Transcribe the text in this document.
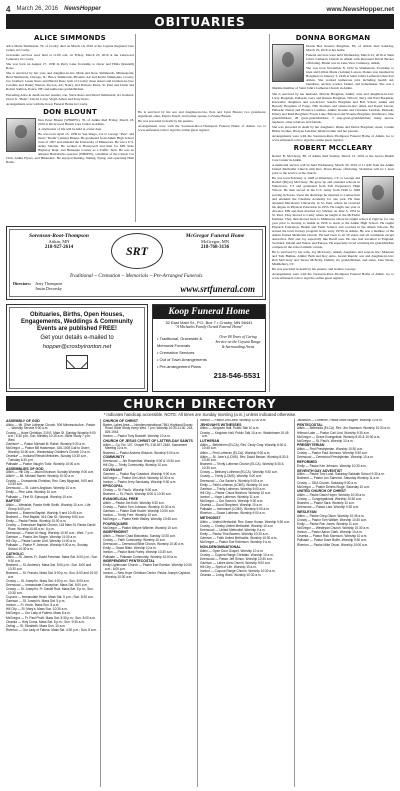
4 March 26, 2016 NewsHopper	www.NewsHopper.net
OBITUARIES
ALICE SIMMONDS

Alice Marie Simmonds, 79, of Crosby died on March 16, 2016 at the Cuyuna Regional Care Center in Crosby.

Graveside services were held at 11:00 a.m. on Friday, March 25, 2016 at the Lakewood Cemetery in Crosby.

She was born on August 27, 1936 in Perry Lake Township to Oscar and Hilda (Randall) Rono.

She is survived by her sons and daughter-in-law Mark and Rose Simmonds, Minneapolis; Brad Simmonds, Chicago, IL; Bruce Simmonds, Phoenix, AZ and Kevin Simmonds, Crosby; two brothers: Lester Rono and Harold Rono both of Crosby; three sisters and brothers-in-law: Caroline and Danny Warren, Tucson, AZ; Nancy and Roberto Perez, St. Paul and Linda and Robert Salmon, Ponce, NE; and numerous grandchildren.

Preceding Alice in death are her parents; son, Steve Rono and David Simmonds; six brothers: Oscar Jr. "Babe", David, Larry, Virgil, Albert and Tony Rono.

Arrangements were with the Koop Funeral Home in Crosby.

DON BLOUNT

Don Peter Blount (WBOPW), 76, of Aitkin died Friday, March 18, 2016 at Riverwood Health Care Center in Aitkin.

A celebration of life will be held at a later date.

He was born April 15, 1939 in San Diego, CA to George "Pete" and Doris "Dodie" (Ames) Blount. He graduated from Aitkin High School class of 1957 and attended the University of Minnesota. He was a U.S. Army Veteran. He worked at Honeywell and then for MN State Highway Dept. and Hennepin County as a Traffic Tech. He was an amateur Ham Radio operator (WB0PW), a member of the Classic Car Club, Aitkin Flyers, and Hibanders. He enjoyed hunting, fishing, flying, and operating Ham Radio.

He is survived by his son and daughter-in-law, Pete and Lynn Blount; two grandsons; significant other, Myrna Texell, and former spouse, LaVonne Blount.

He was preceded in death by his parents.

Arrangements were with the Sorenson-Root-Thompson Funeral Home of Aitkin. Go to www.srtfuneral.com to sign the online guest register.

DONNA BORGMAN

Donna Bea Rosetta Borgman, 83, of Aitkin died Saturday, March 19, 2016 at her home.

Funeral services were held Wednesday, March 23, 2016 at Saint John's Lutheran Church in Aitkin with Reverend David Becker officiating. Burial was in Lake View Cemetery, Aitkin.

She was born November 8, 1932 in Waukenabo Township to Gust and Lillian Marie (Lehrke) Larson. Donna was baptized in Borgman on January 3, 1946 at Saint John's Lutheran Church in Aitkin. She worked numerous jobs including health aid, laundress, auction worker, farmer, and homemaker. She was a lifetime member of Saint John's Lutheran Church in Aitkin.

She is survived by her husband, Marvin Borgman, Aitkin; sons and daughters-in-law: Larry Borgman, Palisade; Gary and Raleen Borgman, Wilcox; Terry and Patti Borgman, Keewatin; daughters and son-in-law: Sandra Borgman and Bob Schott, Aitkin and Beverly Borgman of Fargo, ND; brothers and sisters-in-law: Allen and Karen Larson, Palisade; Darrel and Florence Landrus, Aitkin; Ronnie and Charlene Landrus, Palisade; Emery and Ruth Borgman; Forest Lake; Emerson and Yvonne Borgman, Wardsboro; nine grandchildren; 28 great-grandchildren; 3 step-great-grandchildren; many nieces, nephews, other relatives and friends.

She was preceded in death by her daughters: Diane and Debra Borgman; sister, Connie Huhn; brother, Dwayne Landrus; infant brother and her parents.

Arrangements were with the Sorenson-Root-Thompson Funeral Home of Aitkin. Go to www.srtfuneral.com to sign the online guest register.

ROBERT MCCLEARY

Robert B. McCleary, 88, of Aitkin died Sunday, March 13, 2016 at the Aicota Health Care Center in Aitkin.

A memorial service will be held Wednesday, March 30, 2016 at 11 AM from the Aitkin United Methodist Church with Rev. Dawn House officiating. Visitation will be 1 hour prior to the service at the church.

He was born February 4, 1928 at Waterbury, CT, to George and Rachel (Bryce) McCleary. He grew up and attended schools in Watertown, CT and graduated from Taft Preparatory High School. He then served in the U.S. Army from 1946 to 1948 serving in Korea. Upon his discharge he returned to Connecticut and attended the Cheshire Academy for one year. He then attended Macalester University in St. Paul, where he received his degree in Physical Education in 1953. He taught one year at Atwater, MN and then married Joy Smoker on June 5, 1954 in St. Paul. They moved to Cathy where he taught at the McFarlin Institute. They then moved back to Minnesota where he taught school at Ogilvie, for one year prior to moving to Aitkin in 1956 to teach at the Aitkin High School. He taught Physical Education, Health and Earth Science and coached in the Aitkin Schools. He started the town hockey program in the early 1970's in Aitkin. He was a member of the Aitkin United Methodist Church. He had been to all 50 states and all continents except Antarctica. Bob and Joy especially like Banff area. He also had travelled to England, Scotland, Ireland and Wales, and Europe. He especially loved watching his grandchildren compete in the school athletic events.

He is survived by his wife, Joy McCleary, Aitkin; daughters and sons-in-law: Maureen and Tom Buman, Aitkin; Beth and Roy Arko, Grand Rapids; son and daughter-in-law: Rob McCleary and Teresa McNally, Duluth; six grandchildren, and sister, Jane Neale, Middlebury, CT.

He was preceded in death by his parents, and brother, George.

Arrangements were with the Sorenson-Root-Thompson Funeral Home of Aitkin. Go to www.srtfuneral.com to sign the online guest register.

Sorenson-Root-Thompson
Aitkin, MN
218-927-2614	SRT
McGregor Funeral Home
McGregor, MN
218-768-3136
Traditional ~ Cremation ~ Memorials ~ Pre-Arranged Funerals
Directors: Jerry Thompson
Justin Decorsky	www.srtfuneral.com
Obituaries, Births, Open Houses, Engagements, Weddings & Community Events are published FREE!
Get your details e-mailed to
hopper@crosbyironton.net
Koop Funeral Home
32 East Main St., P.O. Box 7 • Crosby, MN 56441
"A Michaelis Family Owned Funeral Home"
• Traditional, Graveside & Memorial Funerals
• Cremation Services
• Out of Town Arrangements
• Pre-arrangement Plans
Over 80 Years of Caring Service on the Cuyuna Range & Surrounding Areas
218-546-5531
CHURCH DIRECTORY
* Indicates handicap accessible. NOTE: All times are Sunday morning (a.m.) unless indicated otherwise.
ASSEMBLY OF GOD
Aitkin — Mt. Olive Lutheran Church, 509 Minnesota Ave., Pastor ... Worship Service 9:00 a.m.
Crosby — Hope Christian, 219 E. Main St. Sunday Worship 9:00 a.m.; 5:30 p.m. Sun. Ministry 10:15 a.m.; Bible Study 7 p.m. Wed.
Garrison* — Pastor Michael M. Rabel. Worship 9:30 a.m.
McGregor — Pastor Bill Haaverson. 426-1005 Call to Order; Worship 10:00 a.m.; Wednesday Children's Church 10 a.m.
Onamia* — Ironland Rehab Ministries. Sunday 10:30 a.m., Tuesday 6:30 p.m.
Palisade — Pastor Vaughn Tutor. Worship 10:00 a.m.
ASSEMBLIES OF GOD
Aitkin — Hill City — Jason Erickson; Sunday Worship 9:00 a.m.
Aitkin* — Mt. Michael Sweet. Worship 10:30 a.m.
Crosby — Crosswinds Christian, Rev. Gary Bjugstad, 9:00 and 10:30 a.m.
Deerwood — St. Luke's Anglican. Worship 10 a.m.
Emily — Pine Lake. Worship 10 a.m.
Palisade — First St. Episcopal. Worship 10 a.m.
BAPTIST
Aitkin — Westside, Pastor Keith Smith. Worship 10 a.m.; Life Group 6:00 p.m.
Brainerd — Brainerd Baptist. Worship 9 and 10:45 a.m.
Brainerd — First Baptist. 516 Oak St.; Worship 9:00 a.m.
Emily — Pastor Pastor. Worship 10:00 a.m.
Crosby — Emmanuel Baptist Church, 118 Main St. Pastor David Rose; Worship 10:45 a.m.; 6 p.m.
Deerwood — Pastor Al Haug. Worship 10:30 a.m.; Wed. 7 p.m.
Garrison — Pastor Jim Stogre. Worship 11:00 a.m.
Hill City — Pastor Lannie Lind. Worship 11:00 a.m.
Palisade — Pastor P. Johnson. Worship 9:00 a.m.; Sunday School 10:30 a.m.
CATHOLIC
Aitkin — St. James. Fr. David Forsman. Mass Sat. 5:00 p.m.; Sun. 9:30 a.m.
Brainerd — St. Andrew's. Mass Sat. 5:00 p.m.; Sun. 8:00 and 10:30 a.m.
Brainerd — St. Francis. Mass Sat. 5:00 p.m.; Sun. 8:00 and 10:00 a.m.
Crosby — St. Joseph's. Mass Sat. 4:00 p.m.; Sun. 8:00 a.m.
Deerwood — Immaculate Conception. Mass Sat. 5:00 p.m.
Crosby — St. Joseph's. Fr. Daniel Ruiz. Mass Sat. 5 p.m.; Sun. 10:30 a.m.
Cuyuna — Immaculate Heart. Mass Sat. 5 p.m.; Sun. 8:30 a.m.
Garrison — St. Joseph's. Mass Sat. 5 p.m.
Ironton — Fr. Kevin. Mass Sun. 8 a.m.
Hill City — St. Mary's. Mass Sun. 10:30 a.m.
McGregor — Our Lady of Fatima. Mass 8 a.m.
McGregor — Fr. Paul Pruitt. Mass Sat. 5:30 p.m.; Sun. 8:00 a.m.
Onamia — Holy Cross. Mass Sat. 5 p.m.; Sun. 9:30 a.m.
Outing — St. Elizabeth. Mass Sun. 10 a.m.
Riverton — Our Lady of Fatima. Mass Sat. 4:30 p.m.; Sun. 8 a.m.
CHURCH OF CHRIST
Baxter, Lakes Area — Nondenominational 7561 Highland Scenic Road. Bible Study every Wed. 7 pm; Worship 10:30-11:30. 218-829-1943.
Ironton — Pastor Tony Buswell. Worship 10 a.m.
CHURCH OF JESUS CHRIST OF LATTER-DAY SAINTS
Aitkin — Co. Rd. 107, Chapel Ph. 218-927-2640. Sacrament Meeting 10 a.m.
Brainerd — Pastor Andrew Wisdom. Worship 9:00 a.m.
COMMUNITY
Deerwood — Jim Rosenthal. Worship 9:00 & 10:30 a.m.
Hill City — Trinity Community. Worship 10 a.m.
COVENANT
Garrison — Pastor Ray Crawford. Worship 9:00 a.m.
McGregor — Pastor Jim Ulrich. Worship 10:30 a.m.
Ironton — Pastor Jerry Sandusky. Worship 9:30 a.m.
EPISCOPAL
Crosby — St. Paul's. Worship 9:00 a.m.
Brainerd — St. Paul's. Worship 8:00 & 10:30 a.m.
EVANGELICAL FREE
Aitkin — Pastor Jim Koth. Worship 9:30 a.m.
Crosby — Pastor Tom Johnson. Worship 10:30 a.m.
Garrison — Pastor Dale Kusler. Worship 10:00 a.m.
Ironton — Trinity Free. Worship 10 a.m.
McGregor — Pastor Keith Walley. Worship 10:45 a.m.
FOURSQUARE
McGregor — Pastor Wayne Willmier. Worship 10 a.m.
INDEPENDENT
Aitkin — Pastor Chad Bistodeau. Sunday 10:30 a.m.
Crosby — Faith Community. Worship 10 a.m.
Deerwood — Deerwood Bible Church. Worship 10:30 a.m.
Emily — Grace Bible. Worship 10 a.m.
Ironton — Pastor Mark Fraley. Worship 10:30 a.m.
Palisade — Palisade Community. Worship 10:00 a.m.
INDEPENDENT PENTECOSTAL
Emily Lighthouse Church — Pastor Earl Roeske. Worship 10:00 a.m.; 6:00 p.m.
Ironton — New Hope Christian Center. Pastor Joseph Cajicicio. Worship 10:30 a.m.
Ironton — Pastor Jim Drew. Worship 11:00 a.m.
JEHOVAH'S WITNESSES
Aitkin — Kingdom Hall. Public Talk 10 a.m.
Crosby — Kingdom Hall. Public Talk 10 a.m.; Watchtower 10:45 a.m.
LUTHERAN
Aitkin — Bethlehem (ELCA). Rev. Cindy Gray. Worship 8:30 & 10:45 a.m.
Aitkin — First Lutheran (ELCA). Worship 9:30 a.m.
Aitkin — St. John's (LCMS). Rev. David Becker. Worship 8:30 & 10:45 a.m.
Brainerd — Trinity Lutheran Church (ELCA). Worship 8:30 & 10:30 a.m.
Crosby — Bethany Lutheran (ELCA). Worship 9:30 a.m.
Crosby — Trinity (LCMS). Worship 9:00 a.m.
Deerwood — Our Savior's. Worship 9:00 a.m.
Emily — Faith Lutheran (LCMS). Worship 10 a.m.
Garrison — Trinity Lutheran. Worship 9:00 a.m.
Hill City — Pastor Chuck Bickford. Worship 10 a.m.
Ironton — Hope Lutheran. Worship 11 a.m.
McGregor — Our Savior's. Worship 9:30 a.m.
Onamia — Good Shepherd. Worship 10 a.m.
Palisade — Immanuel (LCMS). Worship 9:00 a.m.
Riverton — Grace Lutheran. Worship 9:00 a.m.
METHODIST
Aitkin — United Methodist. Rev. Dawn House. Worship 9:30 a.m.
Crosby — Crosby United Methodist. Worship 10 a.m.
Deerwood — United Methodist. Worship 9 a.m.
Emily — Pastor Tina Bowers. Worship 10:30 a.m.
Garrison — Faith United Methodist. Worship 10:30 a.m.
McGregor — Pastor Sue Robinson. Worship 9 a.m.
NON-DENOMINATIONAL
Aitkin — Open Door Gospel. Worship 10 a.m.
Crosby — Cuyuna Range Christian. Worship 10 a.m.
Deerwood — Pastor Jeff Simon. Worship 10:30 a.m.
Garrison — Lakes Area Church. Worship 9:00 a.m.
Hill City — Spirit of Life. Worship 10 a.m.
Ironton — Cuyuna Range Church. Worship 10:30 a.m.
Onamia — Living Word. Worship 10:30 a.m.
Jacobson — Lutheran, Pastor Mark Wagner. Worship 10 a.m.
PENTECOSTAL
Aitkin — Bethesda (ELCA). Rev. Jim Swanson. Worship 10:30 a.m.
Hillman Lake — Pastor Carl Lind. Worship 9:30 a.m.
McGregor — Grace Evangelical. Worship 8:30 & 10:30 a.m.
McGregor — St. Paul's. Worship 10 a.m.
PRESBYTERIAN
Aitkin — First Presbyterian. Worship 10:30 a.m.
Crosby — Pastor Paul Johnson. Worship 9:30 a.m.
Deerwood — Deerwood Presbyterian. Worship 10 a.m.
REFORMED
Emily — Pastor Ken Johnson. Worship 10:30 a.m.
SEVENTH DAY ADVENTIST
Aitkin — Pastor Tom Lund. Saturday Sabbath School 9:30 a.m.
Brainerd — Pastor Jon Sarnecki. Saturday Worship 11 a.m.
Crosby — SDA Church. Saturday 9:30 a.m.
McGregor — Pastor Dennis Kluge. Saturday 10 a.m.
UNITED CHURCH OF CHRIST
Aitkin — Pastor Dawn Hoyer. Worship 10:30 a.m.
Crosby — Congregational. Worship 10:30 a.m.
Brainerd — Pastor Sara. Worship 10 a.m.
Deerwood — Pastor Lisa. Worship 9:30 a.m.
WESLEYAN
Aitkin — Pastor Greg Olson. Worship 10:45 a.m.
Crosby — Pastor Tom Walker. Worship 10:30 a.m.
Emily — Pastor Ron Jones. Worship 11 a.m.
McGregor — Wesleyan Church. Worship 10:30 a.m.
Ironton — Pastor Aaron Clark. Worship 10 a.m.
Onamia — Pastor Rick Swenson. Worship 10 a.m.
Palisade — Pastor Dave Buller. Worship 9:30 a.m.
Riverton — Pastor Mike Olson. Worship 10:00 a.m.
